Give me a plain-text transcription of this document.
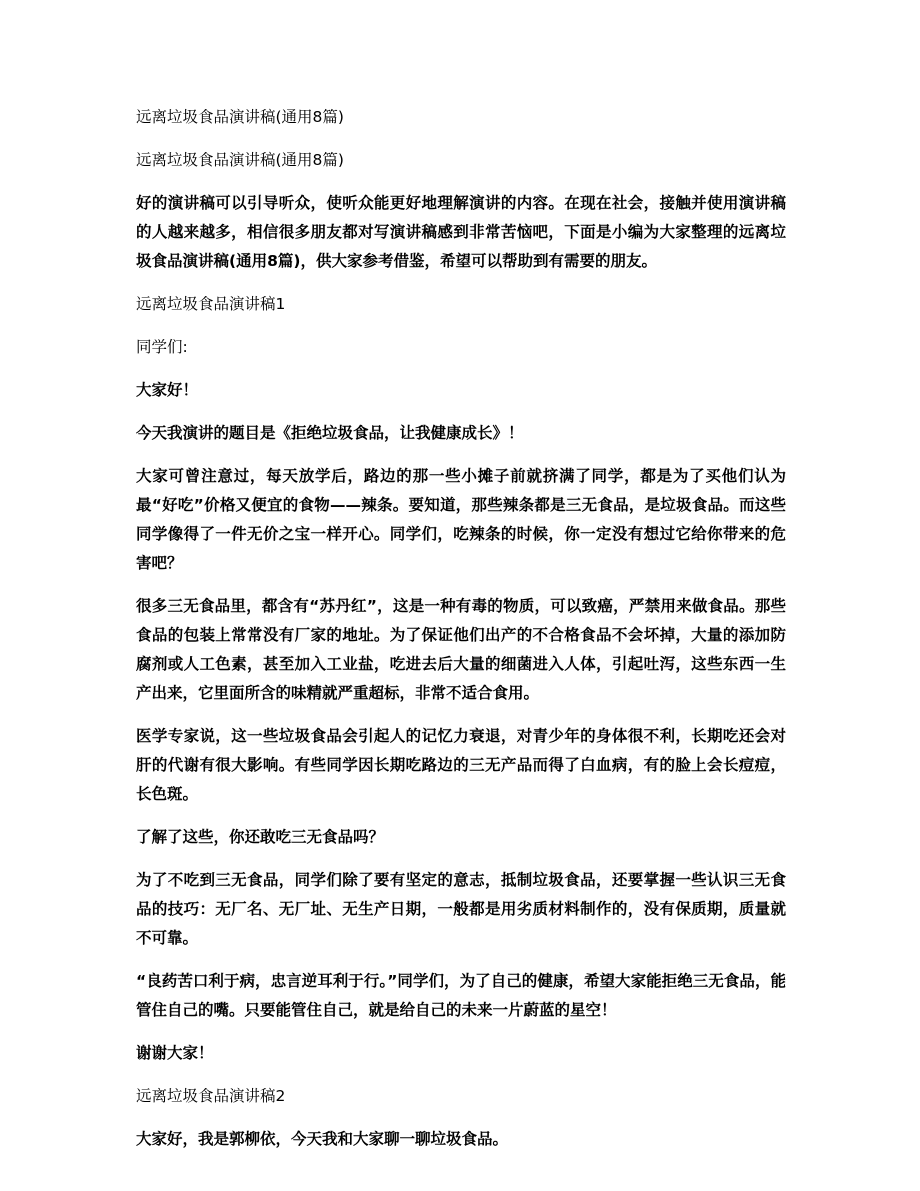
远离垃圾食品演讲稿(通用8篇)

远离垃圾食品演讲稿(通用8篇)

好的演讲稿可以引导听众，使听众能更好地理解演讲的内容。在现在社会，接触并使用演讲稿的人越来越多，相信很多朋友都对写演讲稿感到非常苦恼吧，下面是小编为大家整理的远离垃圾食品演讲稿(通用8篇)，供大家参考借鉴，希望可以帮助到有需要的朋友。

远离垃圾食品演讲稿1

同学们:

大家好！

今天我演讲的题目是《拒绝垃圾食品，让我健康成长》！

大家可曾注意过，每天放学后，路边的那一些小摊子前就挤满了同学，都是为了买他们认为最“好吃”价格又便宜的食物——辣条。要知道，那些辣条都是三无食品，是垃圾食品。而这些同学像得了一件无价之宝一样开心。同学们，吃辣条的时候，你一定没有想过它给你带来的危害吧？

很多三无食品里，都含有“苏丹红”，这是一种有毒的物质，可以致癌，严禁用来做食品。那些食品的包装上常常没有厂家的地址。为了保证他们出产的不合格食品不会坏掉，大量的添加防腐剂或人工色素，甚至加入工业盐，吃进去后大量的细菌进入人体，引起吐泻，这些东西一生产出来，它里面所含的味精就严重超标，非常不适合食用。

医学专家说，这一些垃圾食品会引起人的记忆力衰退，对青少年的身体很不利，长期吃还会对肝的代谢有很大影响。有些同学因长期吃路边的三无产品而得了白血病，有的脸上会长痘痘，长色斑。

了解了这些，你还敢吃三无食品吗？

为了不吃到三无食品，同学们除了要有坚定的意志，抵制垃圾食品，还要掌握一些认识三无食品的技巧：无厂名、无厂址、无生产日期，一般都是用劣质材料制作的，没有保质期，质量就不可靠。

“良药苦口利于病，忠言逆耳利于行。”同学们，为了自己的健康，希望大家能拒绝三无食品，能管住自己的嘴。只要能管住自己，就是给自己的未来一片蔚蓝的星空！

谢谢大家！

远离垃圾食品演讲稿2

大家好，我是郭柳依，今天我和大家聊一聊垃圾食品。
